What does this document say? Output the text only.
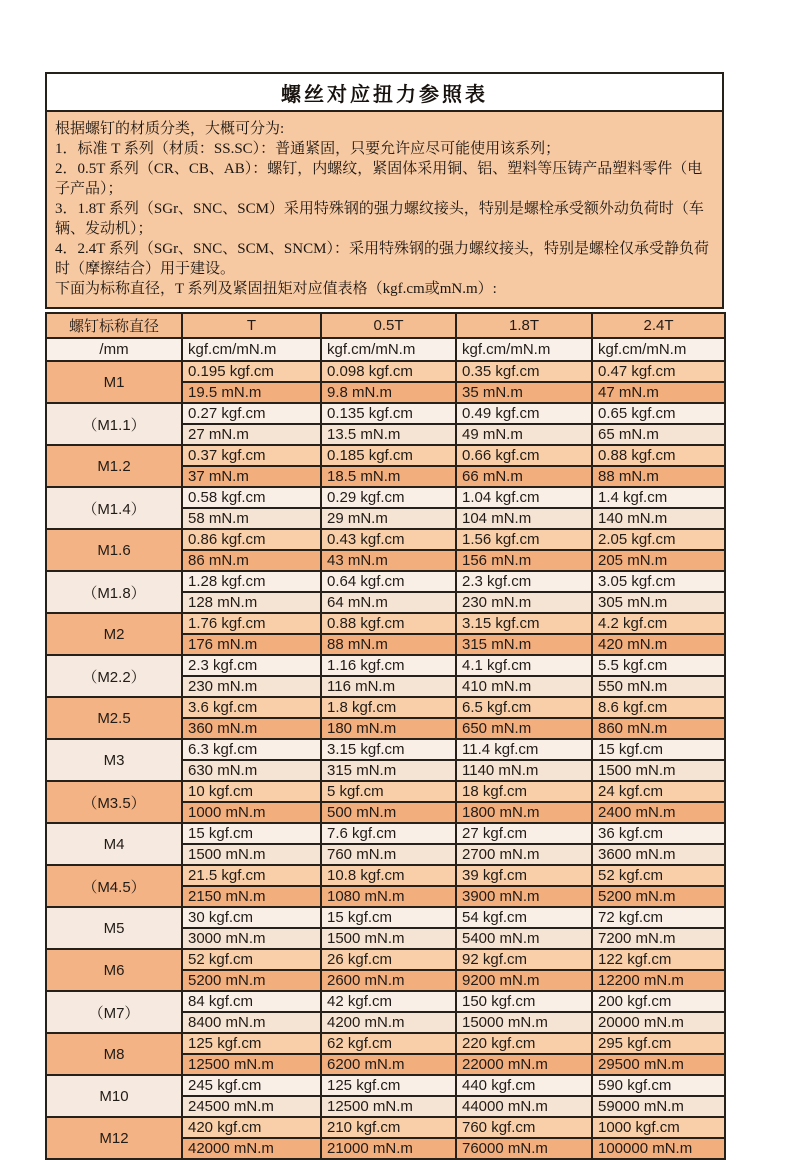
螺丝对应扭力参照表

根据螺钉的材质分类，大概可分为:

1．标准 T 系列（材质：SS.SC）：普通紧固，只要允许应尽可能使用该系列；

2．0.5T 系列（CR、CB、AB）：螺钉，内螺纹，紧固体采用铜、铝、塑料等压铸产品塑料零件（电子产品）；

3．1.8T 系列（SGr、SNC、SCM）采用特殊钢的强力螺纹接头，特别是螺栓承受额外动负荷时（车辆、发动机）；

4．2.4T 系列（SGr、SNC、SCM、SNCM）：采用特殊钢的强力螺纹接头，特别是螺栓仅承受静负荷时（摩擦结合）用于建设。

下面为标称直径，T 系列及紧固扭矩对应值表格（kgf.cm或mN.m）:

螺钉标称直径	T	0.5T	1.8T	2.4T
/mm	kgf.cm/mN.m	kgf.cm/mN.m	kgf.cm/mN.m	kgf.cm/mN.m
M1	0.195 kgf.cm	0.098 kgf.cm	0.35 kgf.cm	0.47 kgf.cm
	19.5 mN.m	9.8 mN.m	35 mN.m	47 mN.m
（M1.1）	0.27 kgf.cm	0.135 kgf.cm	0.49 kgf.cm	0.65 kgf.cm
	27 mN.m	13.5 mN.m	49 mN.m	65 mN.m
M1.2	0.37 kgf.cm	0.185 kgf.cm	0.66 kgf.cm	0.88 kgf.cm
	37 mN.m	18.5 mN.m	66 mN.m	88 mN.m
（M1.4）	0.58 kgf.cm	0.29 kgf.cm	1.04 kgf.cm	1.4 kgf.cm
	58 mN.m	29 mN.m	104 mN.m	140 mN.m
M1.6	0.86 kgf.cm	0.43 kgf.cm	1.56 kgf.cm	2.05 kgf.cm
	86 mN.m	43 mN.m	156 mN.m	205 mN.m
（M1.8）	1.28 kgf.cm	0.64 kgf.cm	2.3 kgf.cm	3.05 kgf.cm
	128 mN.m	64 mN.m	230 mN.m	305 mN.m
M2	1.76 kgf.cm	0.88 kgf.cm	3.15 kgf.cm	4.2 kgf.cm
	176 mN.m	88 mN.m	315 mN.m	420 mN.m
（M2.2）	2.3 kgf.cm	1.16 kgf.cm	4.1 kgf.cm	5.5 kgf.cm
	230 mN.m	116 mN.m	410 mN.m	550 mN.m
M2.5	3.6 kgf.cm	1.8 kgf.cm	6.5 kgf.cm	8.6 kgf.cm
	360 mN.m	180 mN.m	650 mN.m	860 mN.m
M3	6.3 kgf.cm	3.15 kgf.cm	11.4 kgf.cm	15 kgf.cm
	630 mN.m	315 mN.m	1140 mN.m	1500 mN.m
（M3.5）	10 kgf.cm	5 kgf.cm	18 kgf.cm	24 kgf.cm
	1000 mN.m	500 mN.m	1800 mN.m	2400 mN.m
M4	15 kgf.cm	7.6 kgf.cm	27 kgf.cm	36 kgf.cm
	1500 mN.m	760 mN.m	2700 mN.m	3600 mN.m
（M4.5）	21.5 kgf.cm	10.8 kgf.cm	39 kgf.cm	52 kgf.cm
	2150 mN.m	1080 mN.m	3900 mN.m	5200 mN.m
M5	30 kgf.cm	15 kgf.cm	54 kgf.cm	72 kgf.cm
	3000 mN.m	1500 mN.m	5400 mN.m	7200 mN.m
M6	52 kgf.cm	26 kgf.cm	92 kgf.cm	122 kgf.cm
	5200 mN.m	2600 mN.m	9200 mN.m	12200 mN.m
（M7）	84 kgf.cm	42 kgf.cm	150 kgf.cm	200 kgf.cm
	8400 mN.m	4200 mN.m	15000 mN.m	20000 mN.m
M8	125 kgf.cm	62 kgf.cm	220 kgf.cm	295 kgf.cm
	12500 mN.m	6200 mN.m	22000 mN.m	29500 mN.m
M10	245 kgf.cm	125 kgf.cm	440 kgf.cm	590 kgf.cm
	24500 mN.m	12500 mN.m	44000 mN.m	59000 mN.m
M12	420 kgf.cm	210 kgf.cm	760 kgf.cm	1000 kgf.cm
	42000 mN.m	21000 mN.m	76000 mN.m	100000 mN.m
